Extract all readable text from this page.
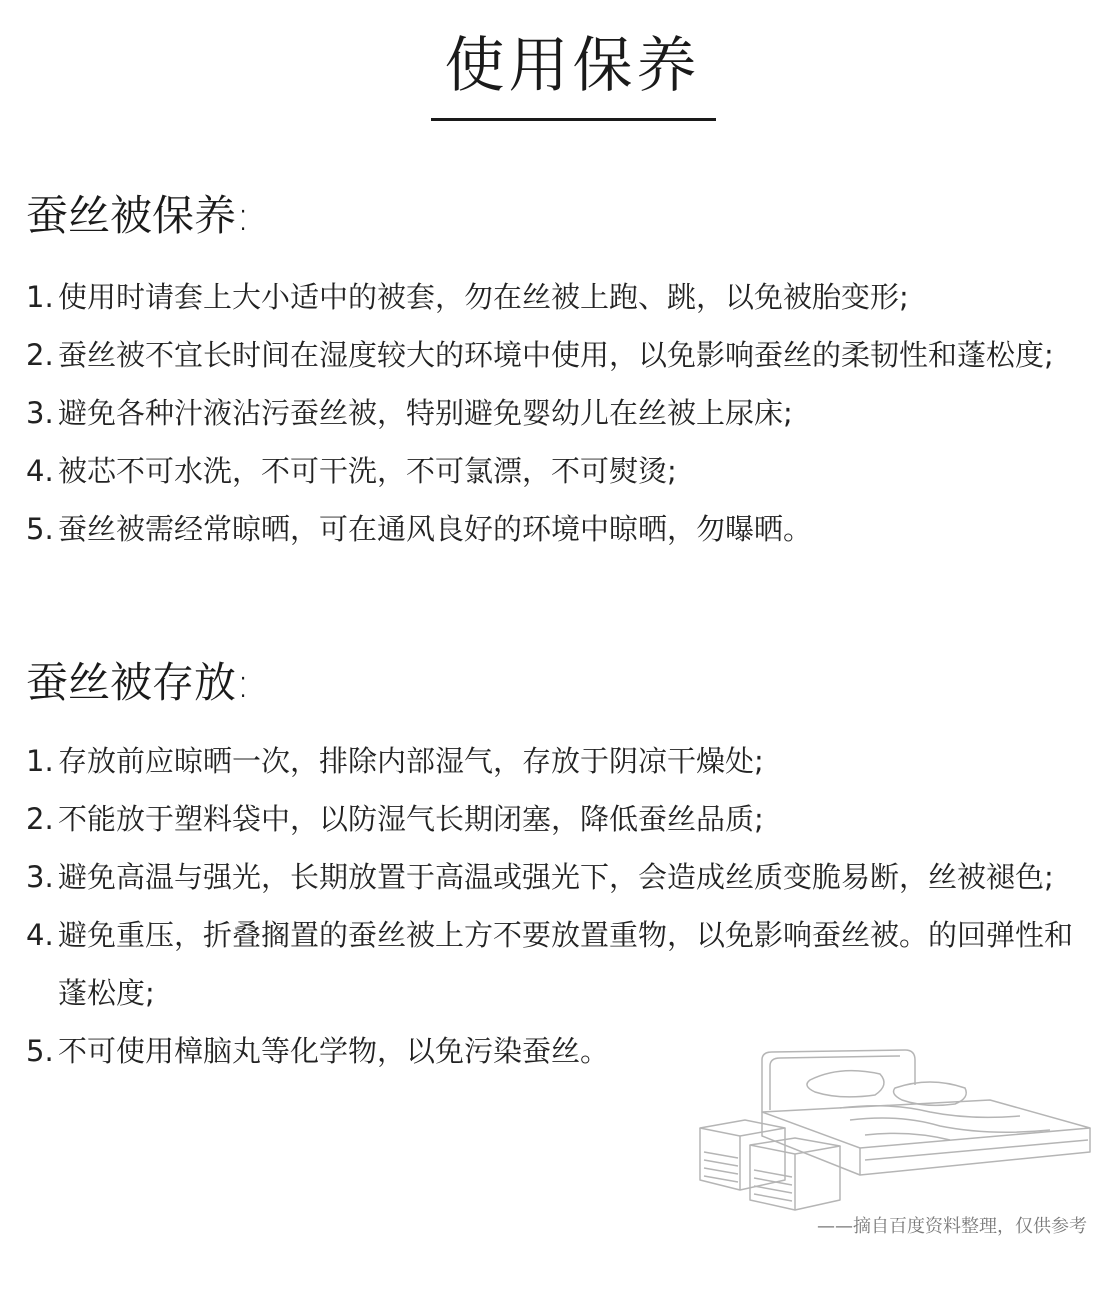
使用保养
蚕丝被保养:
1. 使用时请套上大小适中的被套，勿在丝被上跑、跳，以免被胎变形;
2. 蚕丝被不宜长时间在湿度较大的环境中使用，以免影响蚕丝的柔韧性和蓬松度;
3. 避免各种汁液沾污蚕丝被，特别避免婴幼儿在丝被上尿床;
4. 被芯不可水洗，不可干洗，不可氯漂，不可熨烫;
5. 蚕丝被需经常晾晒，可在通风良好的环境中晾晒，勿曝晒。
蚕丝被存放:
1. 存放前应晾晒一次，排除内部湿气，存放于阴凉干燥处;
2. 不能放于塑料袋中，以防湿气长期闭塞，降低蚕丝品质;
3. 避免高温与强光，长期放置于高温或强光下，会造成丝质变脆易断，丝被褪色;
4. 避免重压，折叠搁置的蚕丝被上方不要放置重物，以免影响蚕丝被。的回弹性和蓬松度;
5. 不可使用樟脑丸等化学物，以免污染蚕丝。
——摘自百度资料整理，仅供参考
